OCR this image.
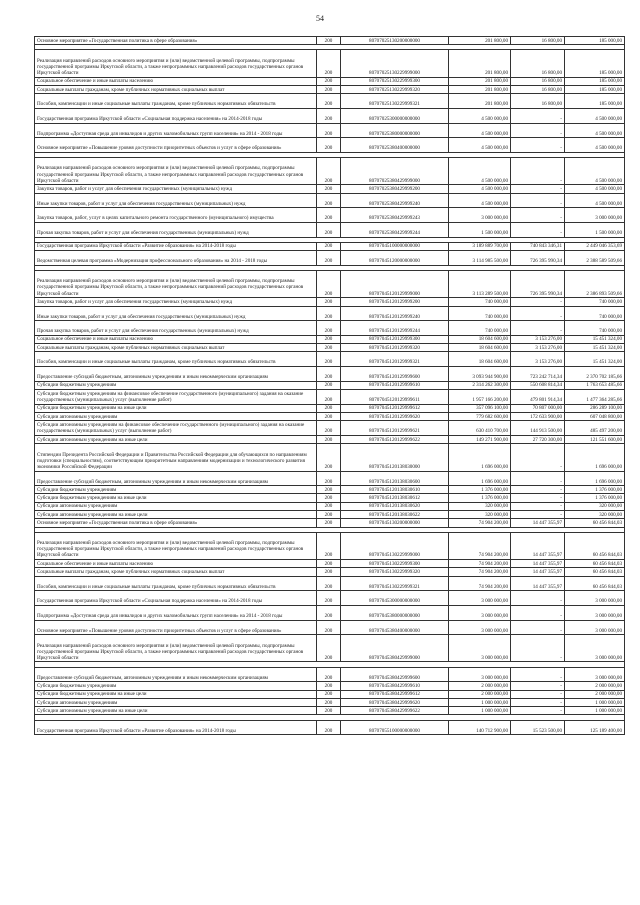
54
Основное мероприятие «Государственная политика в сфере образования»	200	80707025130200000000	201 800,00	16 800,00	185 000,00

Реализация направлений расходов основного мероприятия и (или) ведомственной целевой программы, подпрограммы государственной программы Иркутской области, а также непрограммных направлений расходов государственных органов Иркутской области	200	80707025130229999000	201 800,00	16 800,00	185 000,00
Социальное обеспечение и иные выплаты населению	200	80707025130229999300	201 800,00	16 800,00	185 000,00
Социальные выплаты гражданам, кроме публичных нормативных социальных выплат	200	80707025130229999320	201 800,00	16 800,00	185 000,00
Пособия, компенсации и иные социальные выплаты гражданам, кроме публичных нормативных обязательств	200	80707025130229999321	201 800,00	16 800,00	185 000,00
Государственная программа Иркутской области «Социальная поддержка населения» на 2014-2018 годы	200	80707025300000000000	4 500 000,00	-	4 500 000,00
Подпрограмма «Доступная среда для инвалидов и других маломобильных групп населения» на 2014 - 2018 годы	200	80707025380000000000	4 500 000,00	-	4 500 000,00
Основное мероприятие «Повышение уровня доступности приоритетных объектов и услуг в сфере образования»	200	80707025380400000000	4 500 000,00	-	4 500 000,00

Реализация направлений расходов основного мероприятия и (или) ведомственной целевой программы, подпрограммы государственной программы Иркутской области, а также непрограммных направлений расходов государственных органов Иркутской области	200	80707025380429999000	4 500 000,00	-	4 500 000,00
Закупка товаров, работ и услуг для обеспечения государственных (муниципальных) нужд	200	80707025380429999200	4 500 000,00	-	4 500 000,00
Иные закупки товаров, работ и услуг для обеспечения государственных (муниципальных) нужд	200	80707025380429999240	4 500 000,00	-	4 500 000,00
Закупка товаров, работ, услуг в целях капитального ремонта государственного (муниципального) имущества	200	80707025380429999243	3 000 000,00	-	3 000 000,00
Прочая закупка товаров, работ и услуг для обеспечения государственных (муниципальных) нужд	200	80707025380429999244	1 500 000,00	-	1 500 000,00

Государственная программа Иркутской области «Развитие образования» на 2014-2018 годы	200	80707045100000000000	3 189 889 700,00	740 843 346,31	2 449 046 353,69
Ведомственная целевая программа «Модернизация профессионального образования» на 2014 - 2018 годы	200	80707045120000000000	3 114 985 500,00	726 395 990,34	2 388 589 509,66

Реализация направлений расходов основного мероприятия и (или) ведомственной целевой программы, подпрограммы государственной программы Иркутской области, а также непрограммных направлений расходов государственных органов Иркутской области	200	80707045120129999000	3 113 289 500,00	726 395 990,34	2 386 893 509,66
Закупка товаров, работ и услуг для обеспечения государственных (муниципальных) нужд	200	80707045120129999200	740 000,00	-	740 000,00
Иные закупки товаров, работ и услуг для обеспечения государственных (муниципальных) нужд	200	80707045120129999240	740 000,00	-	740 000,00
Прочая закупка товаров, работ и услуг для обеспечения государственных (муниципальных) нужд	200	80707045120129999244	740 000,00	-	740 000,00
Социальное обеспечение и иные выплаты населению	200	80707045120129999300	18 604 600,00	3 153 276,00	15 451 324,00
Социальные выплаты гражданам, кроме публичных нормативных социальных выплат	200	80707045120129999320	18 604 600,00	3 153 276,00	15 451 324,00
Пособия, компенсации и иные социальные выплаты гражданам, кроме публичных нормативных обязательств	200	80707045120129999321	18 604 600,00	3 153 276,00	15 451 324,00
Предоставление субсидий бюджетным, автономным учреждениям и иным некоммерческим организациям	200	80707045120129999600	3 093 944 900,00	723 242 714,34	2 370 702 185,66
Субсидии бюджетным учреждениям	200	80707045120129999610	2 314 262 300,00	550 608 814,34	1 763 653 485,66
Субсидии бюджетным учреждениям на финансовое обеспечение государственного (муниципального) задания на оказание государственных (муниципальных) услуг (выполнение работ)	200	80707045120129999611	1 957 166 200,00	479 801 914,34	1 477 364 285,66
Субсидии бюджетным учреждениям на иные цели	200	80707045120129999612	357 096 100,00	70 807 000,00	286 289 100,00
Субсидии автономным учреждениям	200	80707045120129999620	779 682 600,00	172 633 900,00	607 048 800,00
Субсидии автономным учреждениям на финансовое обеспечение государственного (муниципального) задания на оказание государственных (муниципальных) услуг (выполнение работ)	200	80707045120129999621	630 410 700,00	144 913 500,00	485 497 200,00
Субсидии автономным учреждениям на иные цели	200	80707045120129999622	149 271 900,00	27 720 300,00	121 551 600,00
Стипендии Президента Российской Федерации и Правительства Российской Федерации для обучающихся по направлениям подготовки (специальностям), соответствующим приоритетным направлениям модернизации и технологического развития экономики Российской Федерации	200	80707045120138030000	1 696 000,00	-	1 696 000,00
Предоставление субсидий бюджетным, автономным учреждениям и иным некоммерческим организациям	200	80707045120138030600	1 696 000,00	-	1 696 000,00
Субсидии бюджетным учреждениям	200	80707045120138030610	1 376 000,00	-	1 376 000,00
Субсидии бюджетным учреждениям на иные цели	200	80707045120138030612	1 376 000,00	-	1 376 000,00
Субсидии автономным учреждениям	200	80707045120138030620	320 000,00	-	320 000,00
Субсидии автономным учреждениям на иные цели	200	80707045120138030622	320 000,00	-	320 000,00
Основное мероприятие «Государственная политика в сфере образования»	200	80707045130200000000	74 904 200,00	14 447 355,97	60 456 844,03

Реализация направлений расходов основного мероприятия и (или) ведомственной целевой программы, подпрограммы государственной программы Иркутской области, а также непрограммных направлений расходов государственных органов Иркутской области	200	80707045130229999000	74 904 200,00	14 447 355,97	60 456 844,03
Социальное обеспечение и иные выплаты населению	200	80707045130229999300	74 904 200,00	14 447 355,97	60 456 844,03
Социальные выплаты гражданам, кроме публичных нормативных социальных выплат	200	80707045130229999320	74 904 200,00	14 447 355,97	60 456 844,03
Пособия, компенсации и иные социальные выплаты гражданам, кроме публичных нормативных обязательств	200	80707045130229999321	74 904 200,00	14 447 355,97	60 456 844,03
Государственная программа Иркутской области «Социальная поддержка населения» на 2014-2018 годы	200	80707045300000000000	3 000 000,00	-	3 000 000,00
Подпрограмма «Доступная среда для инвалидов и других маломобильных групп населения» на 2014 - 2018 годы	200	80707045380000000000	3 000 000,00	-	3 000 000,00
Основное мероприятие «Повышение уровня доступности приоритетных объектов и услуг в сфере образования»	200	80707045380400000000	3 000 000,00	-	3 000 000,00
Реализация направлений расходов основного мероприятия и (или) ведомственной целевой программы, подпрограммы государственной программы Иркутской области, а также непрограммных направлений расходов государственных органов Иркутской области	200	80707045380429999000	3 000 000,00	-	3 000 000,00

Предоставление субсидий бюджетным, автономным учреждениям и иным некоммерческим организациям	200	80707045380429999600	3 000 000,00	-	3 000 000,00
Субсидии бюджетным учреждениям	200	80707045380429999610	2 000 000,00	-	2 000 000,00
Субсидии бюджетным учреждениям на иные цели	200	80707045380429999612	2 000 000,00	-	2 000 000,00
Субсидии автономным учреждениям	200	80707045380429999620	1 000 000,00	-	1 000 000,00
Субсидии автономным учреждениям на иные цели	200	80707045380429999622	1 000 000,00	-	1 000 000,00

Государственная программа Иркутской области «Развитие образования» на 2014-2018 годы	200	80707055100000000000	140 712 900,00	15 523 500,00	125 189 400,00
